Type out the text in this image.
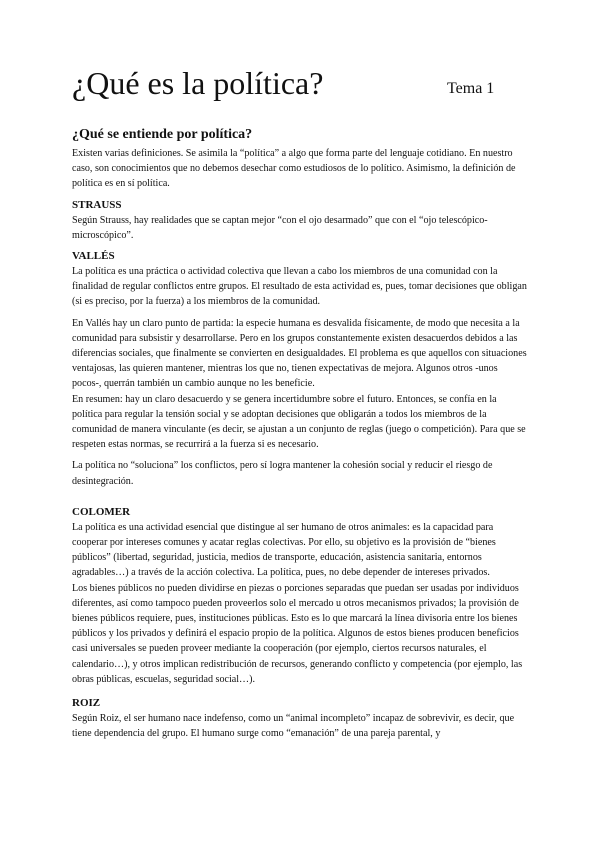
¿Qué es la política?	Tema 1
¿Qué se entiende por política?

Existen varias definiciones. Se asimila la “política” a algo que forma parte del lenguaje cotidiano. En nuestro caso, son conocimientos que no debemos desechar como estudiosos de lo político. Asimismo, la definición de política es en sí política.

STRAUSS

Según Strauss, hay realidades que se captan mejor “con el ojo desarmado” que con el “ojo telescópico-microscópico”.

VALLÉS

La política es una práctica o actividad colectiva que llevan a cabo los miembros de una comunidad con la finalidad de regular conflictos entre grupos. El resultado de esta actividad es, pues, tomar decisiones que obligan (si es preciso, por la fuerza) a los miembros de la comunidad.

En Vallés hay un claro punto de partida: la especie humana es desvalida físicamente, de modo que necesita a la comunidad para subsistir y desarrollarse. Pero en los grupos constantemente existen desacuerdos debidos a las diferencias sociales, que finalmente se convierten en desigualdades. El problema es que aquellos con situaciones ventajosas, las quieren mantener, mientras los que no, tienen expectativas de mejora. Algunos otros -unos pocos-, querrán también un cambio aunque no les beneficie.

En resumen: hay un claro desacuerdo y se genera incertidumbre sobre el futuro. Entonces, se confía en la política para regular la tensión social y se adoptan decisiones que obligarán a todos los miembros de la comunidad de manera vinculante (es decir, se ajustan a un conjunto de reglas (juego o competición). Para que se respeten estas normas, se recurrirá a la fuerza si es necesario.

La política no “soluciona” los conflictos, pero sí logra mantener la cohesión social y reducir el riesgo de desintegración.

COLOMER

La política es una actividad esencial que distingue al ser humano de otros animales: es la capacidad para cooperar por intereses comunes y acatar reglas colectivas. Por ello, su objetivo es la provisión de “bienes públicos” (libertad, seguridad, justicia, medios de transporte, educación, asistencia sanitaria, entornos agradables…) a través de la acción colectiva. La política, pues, no debe depender de intereses privados.

Los bienes públicos no pueden dividirse en piezas o porciones separadas que puedan ser usadas por individuos diferentes, así como tampoco pueden proveerlos solo el mercado u otros mecanismos privados; la provisión de bienes públicos requiere, pues, instituciones públicas. Esto es lo que marcará la línea divisoria entre los bienes públicos y los privados y definirá el espacio propio de la política. Algunos de estos bienes producen beneficios casi universales se pueden proveer mediante la cooperación (por ejemplo, ciertos recursos naturales, el calendario…), y otros implican redistribución de recursos, generando conflicto y competencia (por ejemplo, las obras públicas, escuelas, seguridad social…).

ROIZ

Según Roiz, el ser humano nace indefenso, como un “animal incompleto” incapaz de sobrevivir, es decir, que tiene dependencia del grupo. El humano surge como “emanación” de una pareja parental, y
